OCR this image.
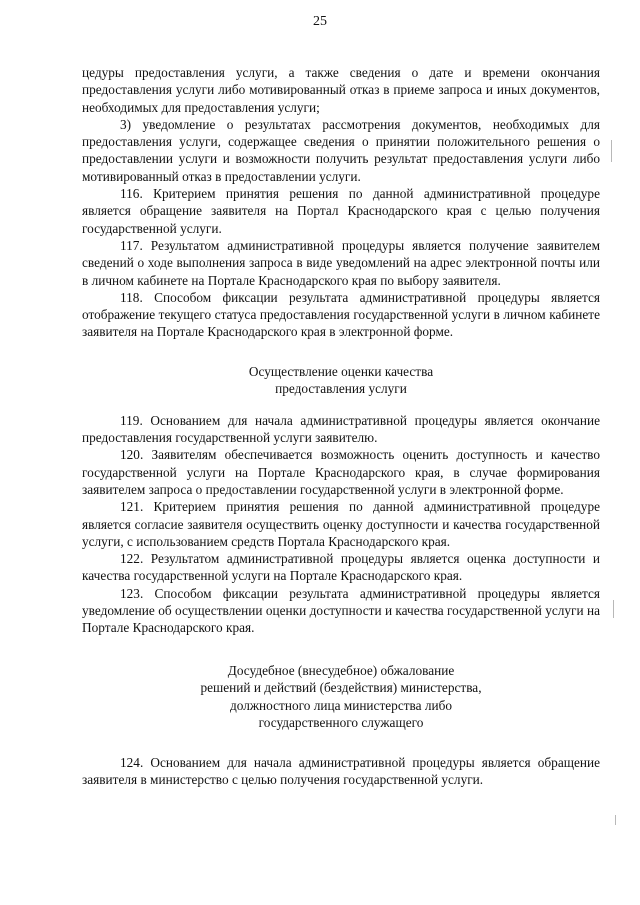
25

цедуры предоставления услуги, а также сведения о дате и времени окончания предоставления услуги либо мотивированный отказ в приеме запроса и иных документов, необходимых для предоставления услуги;

3) уведомление о результатах рассмотрения документов, необходимых для предоставления услуги, содержащее сведения о принятии положительного решения о предоставлении услуги и возможности получить результат предоставления услуги либо мотивированный отказ в предоставлении услуги.

116. Критерием принятия решения по данной административной процедуре является обращение заявителя на Портал Краснодарского края с целью получения государственной услуги.

117. Результатом административной процедуры является получение заявителем сведений о ходе выполнения запроса в виде уведомлений на адрес электронной почты или в личном кабинете на Портале Краснодарского края по выбору заявителя.

118. Способом фиксации результата административной процедуры является отображение текущего статуса предоставления государственной услуги в личном кабинете заявителя на Портале Краснодарского края в электронной форме.

Осуществление оценки качества
предоставления услуги

119. Основанием для начала административной процедуры является окончание предоставления государственной услуги заявителю.

120. Заявителям обеспечивается возможность оценить доступность и качество государственной услуги на Портале Краснодарского края, в случае формирования заявителем запроса о предоставлении государственной услуги в электронной форме.

121. Критерием принятия решения по данной административной процедуре является согласие заявителя осуществить оценку доступности и качества государственной услуги, с использованием средств Портала Краснодарского края.

122. Результатом административной процедуры является оценка доступности и качества государственной услуги на Портале Краснодарского края.

123. Способом фиксации результата административной процедуры является уведомление об осуществлении оценки доступности и качества государственной услуги на Портале Краснодарского края.

Досудебное (внесудебное) обжалование
решений и действий (бездействия) министерства,
должностного лица министерства либо
государственного служащего

124. Основанием для начала административной процедуры является обращение заявителя в министерство с целью получения государственной услуги.
